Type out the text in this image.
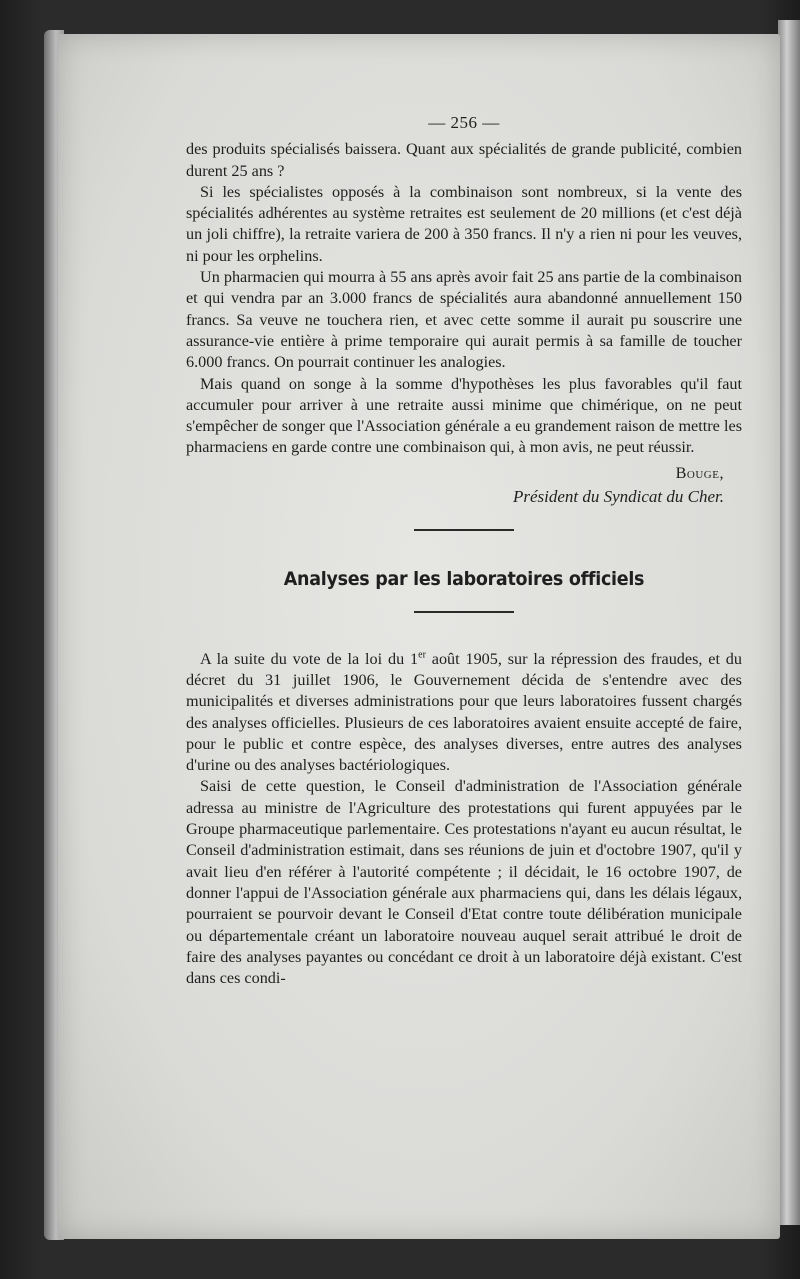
— 256 —

des produits spécialisés baissera. Quant aux spécialités de grande publicité, combien durent 25 ans ?

Si les spécialistes opposés à la combinaison sont nombreux, si la vente des spécialités adhérentes au système retraites est seulement de 20 millions (et c'est déjà un joli chiffre), la retraite variera de 200 à 350 francs. Il n'y a rien ni pour les veuves, ni pour les orphelins.

Un pharmacien qui mourra à 55 ans après avoir fait 25 ans partie de la combinaison et qui vendra par an 3.000 francs de spécialités aura abandonné annuellement 150 francs. Sa veuve ne touchera rien, et avec cette somme il aurait pu souscrire une assurance-vie entière à prime temporaire qui aurait permis à sa famille de toucher 6.000 francs. On pourrait continuer les analogies.

Mais quand on songe à la somme d'hypothèses les plus favorables qu'il faut accumuler pour arriver à une retraite aussi minime que chimérique, on ne peut s'empêcher de songer que l'Association générale a eu grandement raison de mettre les pharmaciens en garde contre une combinaison qui, à mon avis, ne peut réussir.

Bouge,
Président du Syndicat du Cher.
Analyses par les laboratoires officiels

A la suite du vote de la loi du 1er août 1905, sur la répression des fraudes, et du décret du 31 juillet 1906, le Gouvernement décida de s'entendre avec des municipalités et diverses administrations pour que leurs laboratoires fussent chargés des analyses officielles. Plusieurs de ces laboratoires avaient ensuite accepté de faire, pour le public et contre espèce, des analyses diverses, entre autres des analyses d'urine ou des analyses bactériologiques.

Saisi de cette question, le Conseil d'administration de l'Association générale adressa au ministre de l'Agriculture des protestations qui furent appuyées par le Groupe pharmaceutique parlementaire. Ces protestations n'ayant eu aucun résultat, le Conseil d'administration estimait, dans ses réunions de juin et d'octobre 1907, qu'il y avait lieu d'en référer à l'autorité compétente ; il décidait, le 16 octobre 1907, de donner l'appui de l'Association générale aux pharmaciens qui, dans les délais légaux, pourraient se pourvoir devant le Conseil d'Etat contre toute délibération municipale ou départementale créant un laboratoire nouveau auquel serait attribué le droit de faire des analyses payantes ou concédant ce droit à un laboratoire déjà existant. C'est dans ces condi-
